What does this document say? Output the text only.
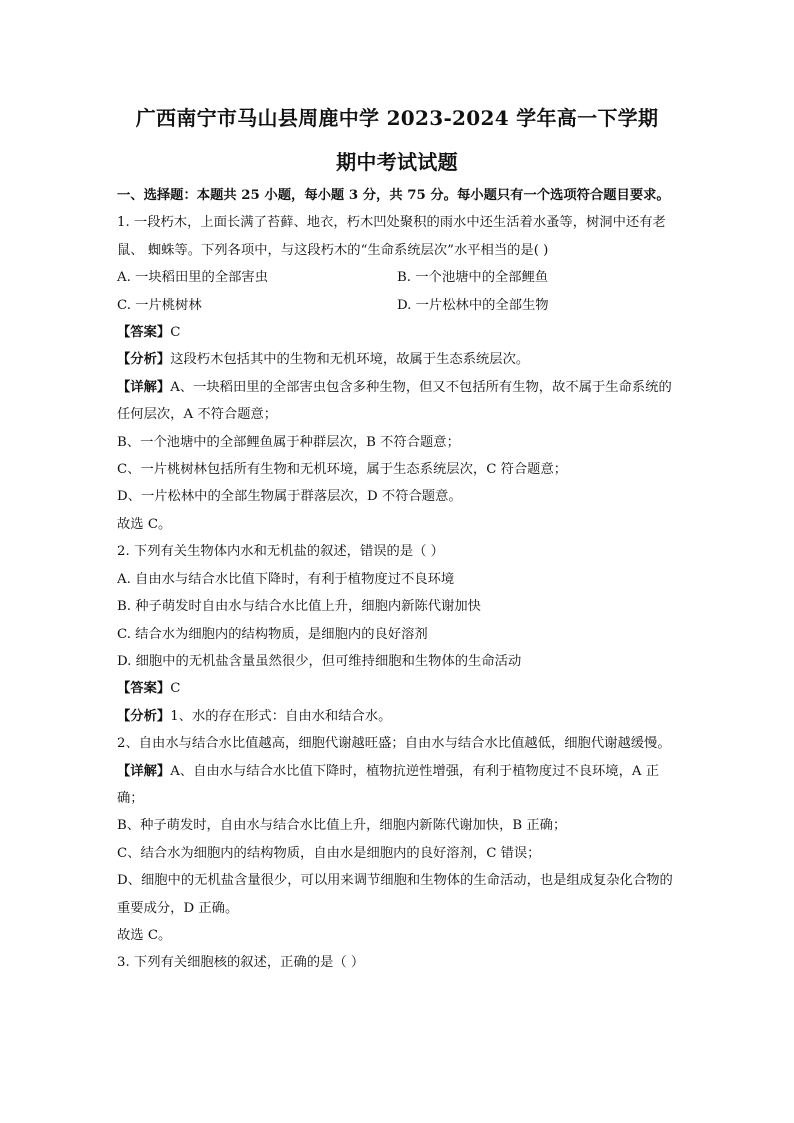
广西南宁市马山县周鹿中学 2023-2024 学年高一下学期
期中考试试题

一、选择题：本题共 25 小题，每小题 3 分，共 75 分。每小题只有一个选项符合题目要求。

1. 一段朽木，上面长满了苔藓、地衣，朽木凹处聚积的雨水中还生活着水蚤等，树洞中还有老鼠、 蜘蛛等。下列各项中，与这段朽木的“生命系统层次”水平相当的是( )

A. 一块稻田里的全部害虫	B. 一个池塘中的全部鲤鱼
C. 一片桃树林	D. 一片松林中的全部生物

【答案】C

【分析】这段朽木包括其中的生物和无机环境，故属于生态系统层次。

【详解】A、一块稻田里的全部害虫包含多种生物，但又不包括所有生物，故不属于生命系统的任何层次，A 不符合题意；

B、一个池塘中的全部鲤鱼属于种群层次，B 不符合题意；

C、一片桃树林包括所有生物和无机环境，属于生态系统层次，C 符合题意；

D、一片松林中的全部生物属于群落层次，D 不符合题意。

故选 C。

2. 下列有关生物体内水和无机盐的叙述，错误的是（ ）

A. 自由水与结合水比值下降时，有利于植物度过不良环境

B. 种子萌发时自由水与结合水比值上升，细胞内新陈代谢加快

C. 结合水为细胞内的结构物质，是细胞内的良好溶剂

D. 细胞中的无机盐含量虽然很少，但可维持细胞和生物体的生命活动

【答案】C

【分析】1、水的存在形式：自由水和结合水。

2、自由水与结合水比值越高，细胞代谢越旺盛；自由水与结合水比值越低，细胞代谢越缓慢。

【详解】A、自由水与结合水比值下降时，植物抗逆性增强，有利于植物度过不良环境，A 正确；

B、种子萌发时，自由水与结合水比值上升，细胞内新陈代谢加快，B 正确；

C、结合水为细胞内的结构物质，自由水是细胞内的良好溶剂，C 错误；

D、细胞中的无机盐含量很少，可以用来调节细胞和生物体的生命活动，也是组成复杂化合物的重要成分，D 正确。

故选 C。

3. 下列有关细胞核的叙述，正确的是（ ）
